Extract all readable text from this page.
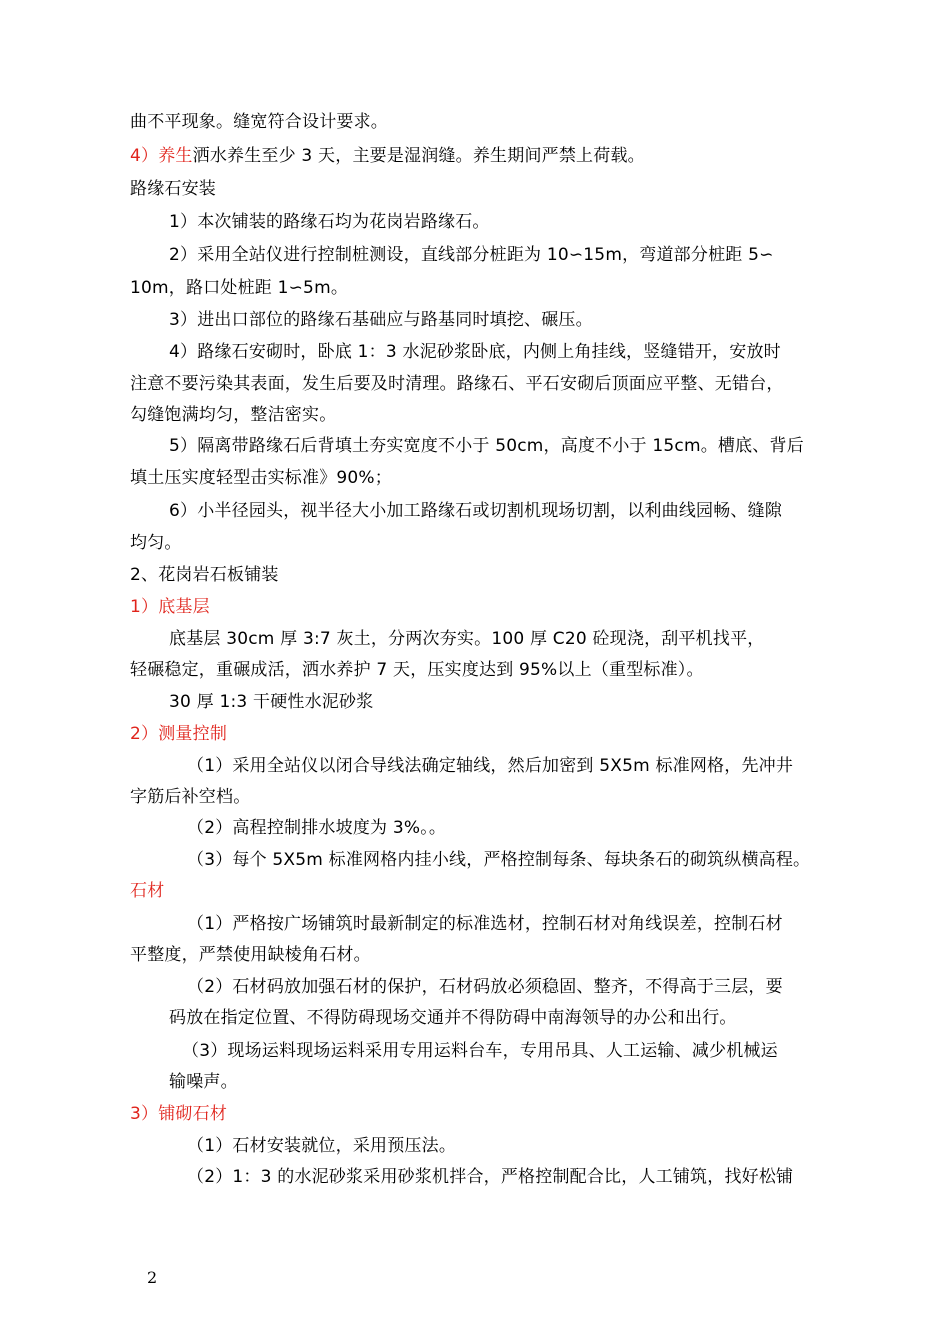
曲不平现象。缝宽符合设计要求。

4）养生洒水养生至少 3 天，主要是湿润缝。养生期间严禁上荷载。

路缘石安装

1）本次铺装的路缘石均为花岗岩路缘石。

2）采用全站仪进行控制桩测设，直线部分桩距为 10∽15m，弯道部分桩距 5∽

10m，路口处桩距 1∽5m。

3）进出口部位的路缘石基础应与路基同时填挖、碾压。

4）路缘石安砌时，卧底 1：3 水泥砂浆卧底，内侧上角挂线，竖缝错开，安放时

注意不要污染其表面，发生后要及时清理。路缘石、平石安砌后顶面应平整、无错台，

勾缝饱满均匀，整洁密实。

5）隔离带路缘石后背填土夯实宽度不小于 50cm，高度不小于 15cm。槽底、背后

填土压实度轻型击实标准》90%；

6）小半径园头，视半径大小加工路缘石或切割机现场切割，以利曲线园畅、缝隙

均匀。

2、花岗岩石板铺装

1）底基层

底基层 30cm 厚 3:7 灰土，分两次夯实。100 厚 C20 砼现浇，刮平机找平，

轻碾稳定，重碾成活，洒水养护 7 天，压实度达到 95%以上（重型标准）。

30 厚 1:3 干硬性水泥砂浆

2）测量控制

（1）采用全站仪以闭合导线法确定轴线，然后加密到 5X5m 标准网格，先冲井

字筋后补空档。

（2）高程控制排水坡度为 3%。。

（3）每个 5X5m 标准网格内挂小线，严格控制每条、每块条石的砌筑纵横高程。

石材

（1）严格按广场铺筑时最新制定的标准选材，控制石材对角线误差，控制石材

平整度，严禁使用缺棱角石材。

（2）石材码放加强石材的保护，石材码放必须稳固、整齐，不得高于三层，要

码放在指定位置、不得防碍现场交通并不得防碍中南海领导的办公和出行。

（3）现场运料现场运料采用专用运料台车，专用吊具、人工运输、减少机械运

输噪声。

3）铺砌石材

（1）石材安装就位，采用预压法。

（2）1：3 的水泥砂浆采用砂浆机拌合，严格控制配合比，人工铺筑，找好松铺

2
